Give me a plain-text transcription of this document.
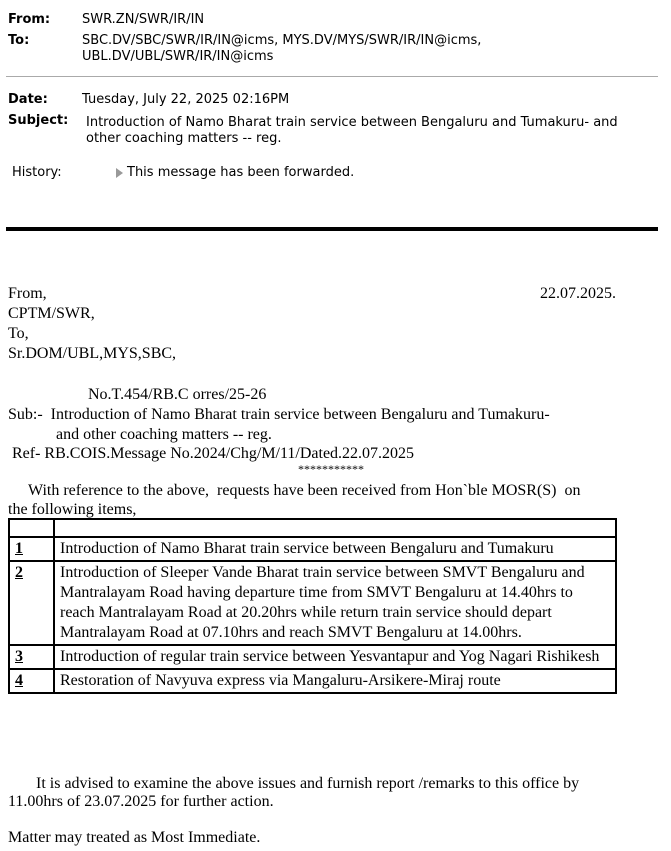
From: SWR.ZN/SWR/IR/IN
To:	SBC.DV/SBC/SWR/IR/IN@icms, MYS.DV/MYS/SWR/IR/IN@icms,
UBL.DV/UBL/SWR/IR/IN@icms
Date:	Tuesday, July 22, 2025 02:16PM
Subject: Introduction of Namo Bharat train service between Bengaluru and Tumakuru- and
other coaching matters -- reg.
History:	This message has been forwarded.
From,	22.07.2025.
CPTM/SWR,
To,
Sr.DOM/UBL,MYS,SBC,
No.T.454/RB.C orres/25-26
Sub:-  Introduction of Namo Bharat train service between Bengaluru and Tumakuru-
and other coaching matters -- reg.
Ref- RB.COIS.Message No.2024/Chg/M/11/Dated.22.07.2025
***********
With reference to the above,  requests have been received from Hon`ble MOSR(S)  on
the following items,

1	Introduction of Namo Bharat train service between Bengaluru and Tumakuru
2	Introduction of Sleeper Vande Bharat train service between SMVT Bengaluru and Mantralayam Road having departure time from SMVT Bengaluru at 14.40hrs to reach Mantralayam Road at 20.20hrs while return train service should depart Mantralayam Road at 07.10hrs and reach SMVT Bengaluru at 14.00hrs.
3	Introduction of regular train service between Yesvantapur and Yog Nagari Rishikesh
4	Restoration of Navyuva express via Mangaluru-Arsikere-Miraj route
It is advised to examine the above issues and furnish report /remarks to this office by
11.00hrs of 23.07.2025 for further action.
Matter may treated as Most Immediate.
